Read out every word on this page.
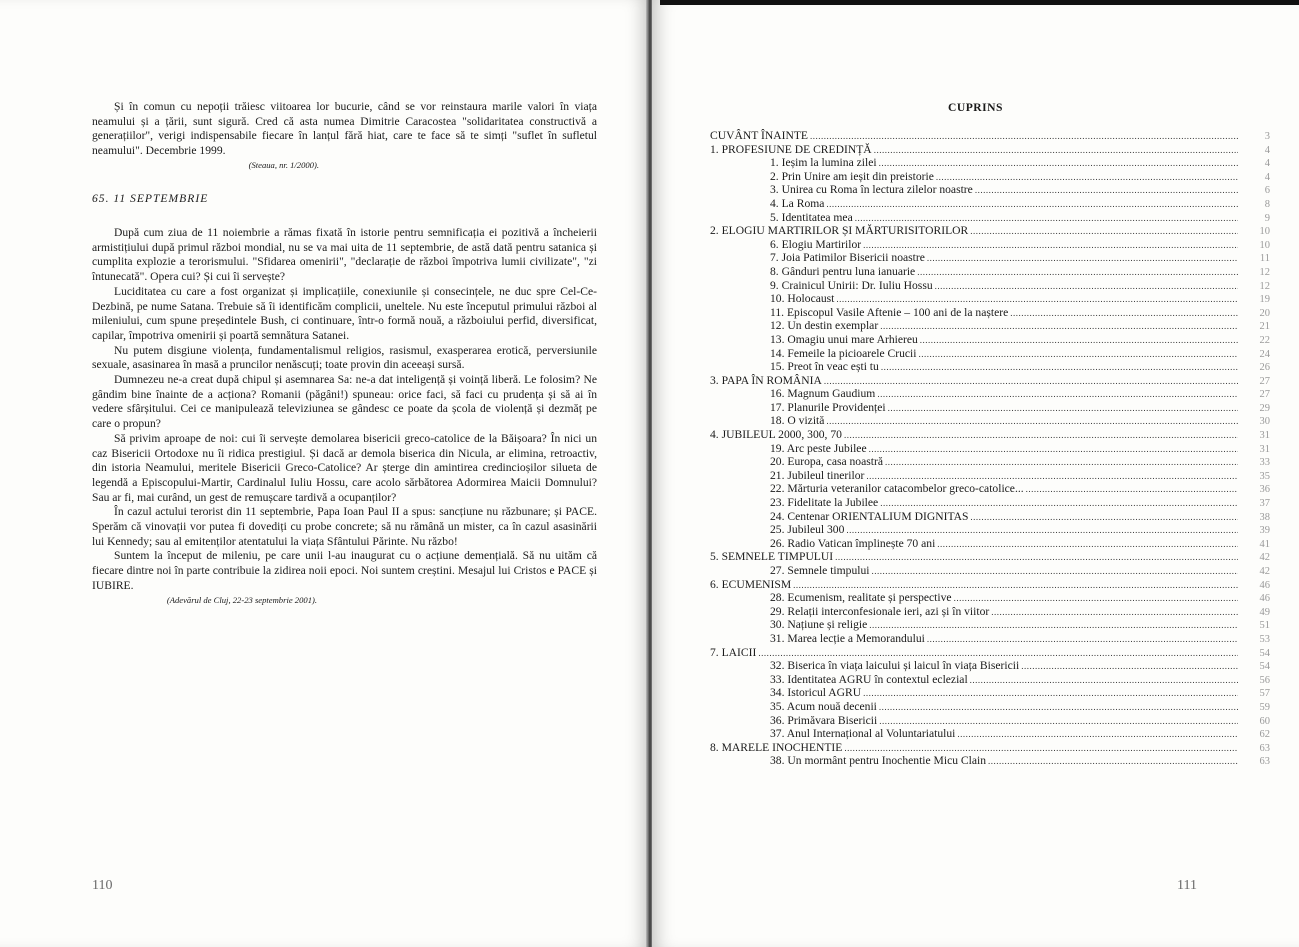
Și în comun cu nepoții trăiesc viitoarea lor bucurie, când se vor reinstaura marile valori în viața neamului și a țării, sunt sigură. Cred că asta numea Dimitrie Caracostea "solidaritatea constructivă a generațiilor", verigi indispensabile fiecare în lanțul fără hiat, care te face să te simți "suflet în sufletul neamului". Decembrie 1999.

(Steaua, nr. 1/2000).

65. 11 SEPTEMBRIE

După cum ziua de 11 noiembrie a rămas fixată în istorie pentru semnificația ei pozitivă a încheierii armistițiului după primul război mondial, nu se va mai uita de 11 septembrie, de astă dată pentru satanica și cumplita explozie a terorismului. "Sfidarea omenirii", "declarație de război împotriva lumii civilizate", "zi întunecată". Opera cui? Și cui îi servește?

Luciditatea cu care a fost organizat și implicațiile, conexiunile și consecințele, ne duc spre Cel-Ce-Dezbină, pe nume Satana. Trebuie să îi identificăm complicii, uneltele. Nu este începutul primului război al mileniului, cum spune președintele Bush, ci continuare, într-o formă nouă, a războiului perfid, diversificat, capilar, împotriva omenirii și poartă semnătura Satanei.

Nu putem disgiune violența, fundamentalismul religios, rasismul, exasperarea erotică, perversiunile sexuale, asasinarea în masă a pruncilor nenăscuți; toate provin din aceeași sursă.

Dumnezeu ne-a creat după chipul și asemnarea Sa: ne-a dat inteligență și voință liberă. Le folosim? Ne gândim bine înainte de a acționa? Romanii (păgâni!) spuneau: orice faci, să faci cu prudența și să ai în vedere sfârșitului. Cei ce manipulează televiziunea se gândesc ce poate da școla de violență și dezmăț pe care o propun?

Să privim aproape de noi: cui îi servește demolarea bisericii greco-catolice de la Băișoara? În nici un caz Bisericii Ortodoxe nu îi ridica prestigiul. Și dacă ar demola biserica din Nicula, ar elimina, retroactiv, din istoria Neamului, meritele Bisericii Greco-Catolice? Ar șterge din amintirea credincioșilor silueta de legendă a Episcopului-Martir, Cardinalul Iuliu Hossu, care acolo sărbătorea Adormirea Maicii Domnului? Sau ar fi, mai curând, un gest de remușcare tardivă a ocupanților?

În cazul actului terorist din 11 septembrie, Papa Ioan Paul II a spus: sancțiune nu răzbunare; și PACE. Sperăm că vinovații vor putea fi dovediți cu probe concrete; să nu rămână un mister, ca în cazul asasinării lui Kennedy; sau al emitenților atentatului la viața Sfântului Părinte. Nu războ!

Suntem la început de mileniu, pe care unii l-au inaugurat cu o acțiune demențială. Să nu uităm că fiecare dintre noi în parte contribuie la zidirea noii epoci. Noi suntem creștini. Mesajul lui Cristos e PACE și IUBIRE.

(Adevărul de Cluj, 22-23 septembrie 2001).

110
CUPRINS
CUVÂNT ÎNAINTE .....	3
1. PROFESIUNE DE CREDINȚĂ .....	4
1. Ieșim la lumina zilei .....	4
2. Prin Unire am ieșit din preistorie .....	4
3. Unirea cu Roma în lectura zilelor noastre .....	6
4. La Roma .....	8
5. Identitatea mea .....	9
2. ELOGIU MARTIRILOR ȘI MĂRTURISITORILOR .....	10
6. Elogiu Martirilor .....	10
7. Joia Patimilor Bisericii noastre .....	11
8. Gânduri pentru luna ianuarie .....	12
9. Crainicul Unirii: Dr. Iuliu Hossu .....	12
10. Holocaust .....	19
11. Episcopul Vasile Aftenie – 100 ani de la naștere .....	20
12. Un destin exemplar .....	21
13. Omagiu unui mare Arhiereu .....	22
14. Femeile la picioarele Crucii .....	24
15. Preot în veac ești tu .....	26
3. PAPA ÎN ROMÂNIA .....	27
16. Magnum Gaudium .....	27
17. Planurile Providenței .....	29
18. O vizită .....	30
4. JUBILEUL 2000, 300, 70 .....	31
19. Arc peste Jubilee .....	31
20. Europa, casa noastră .....	33
21. Jubileul tinerilor .....	35
22. Mărturia veteranilor catacombelor greco-catolice... .....	36
23. Fidelitate la Jubilee .....	37
24. Centenar ORIENTALIUM DIGNITAS .....	38
25. Jubileul 300 .....	39
26. Radio Vatican împlinește 70 ani .....	41
5. SEMNELE TIMPULUI .....	42
27. Semnele timpului .....	42
6. ECUMENISM .....	46
28. Ecumenism, realitate și perspective .....	46
29. Relații interconfesionale ieri, azi și în viitor .....	49
30. Națiune și religie .....	51
31. Marea lecție a Memorandului .....	53
7. LAICII .....	54
32. Biserica în viața laicului și laicul în viața Bisericii .....	54
33. Identitatea AGRU în contextul eclezial .....	56
34. Istoricul AGRU .....	57
35. Acum nouă decenii .....	59
36. Primăvara Bisericii .....	60
37. Anul Internațional al Voluntariatului .....	62
8. MARELE INOCHENTIE .....	63
38. Un mormânt pentru Inochentie Micu Clain .....	63
111
